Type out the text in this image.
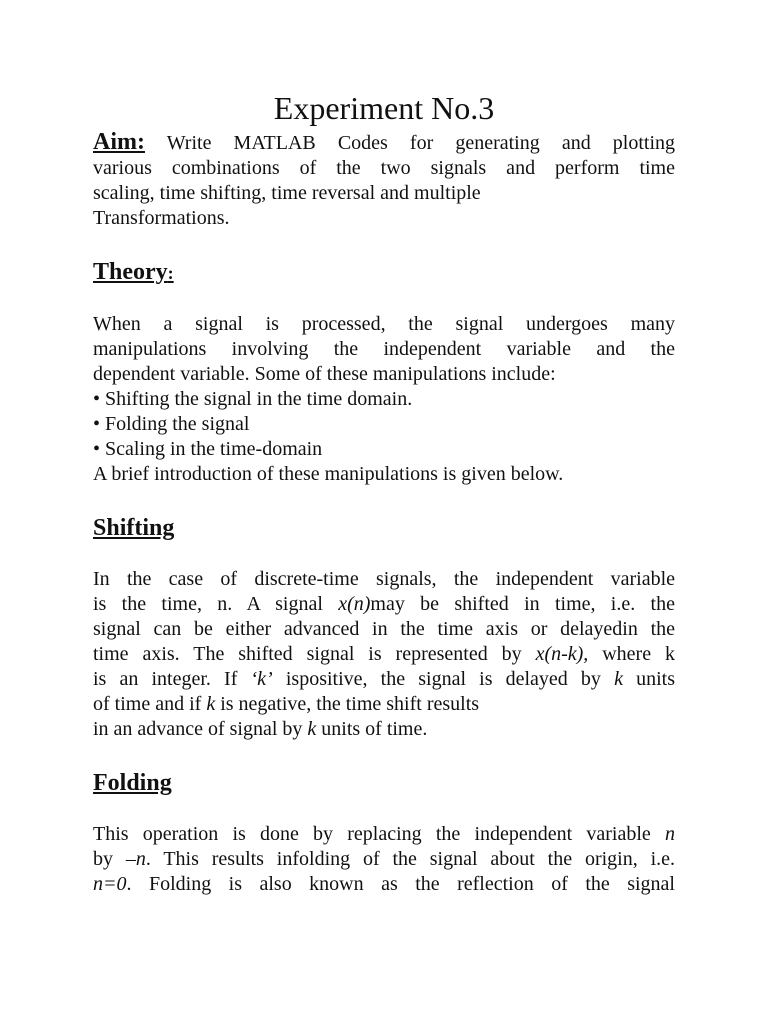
Experiment No.3
Aim: Write MATLAB Codes for generating and plotting
various combinations of the two signals and perform time
scaling, time shifting, time reversal and multiple
Transformations.
Theory:
When a signal is processed, the signal undergoes many
manipulations involving the independent variable and the
dependent variable. Some of these manipulations include:
• Shifting the signal in the time domain.
• Folding the signal
• Scaling in the time-domain
A brief introduction of these manipulations is given below.
Shifting
In the case of discrete-time signals, the independent variable
is the time, n. A signal x(n)may be shifted in time, i.e. the
signal can be either advanced in the time axis or delayedin the
time axis. The shifted signal is represented by x(n-k), where k
is an integer. If ‘k’ ispositive, the signal is delayed by k units
of time and if k is negative, the time shift results
in an advance of signal by k units of time.
Folding
This operation is done by replacing the independent variable n
by –n. This results infolding of the signal about the origin, i.e.
n=0. Folding is also known as the reflection of the signal
